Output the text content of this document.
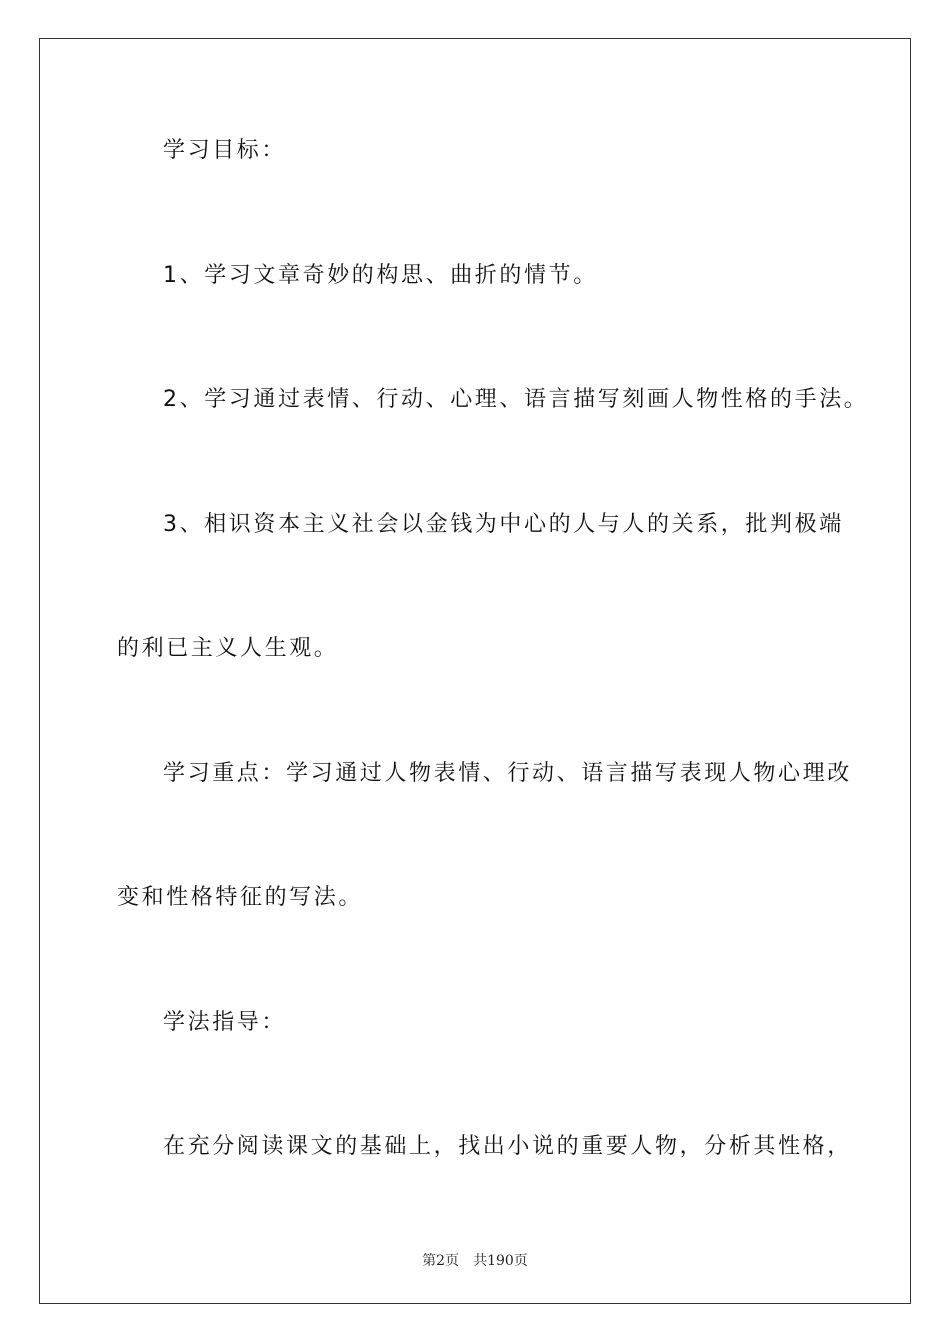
学习目标：

1、学习文章奇妙的构思、曲折的情节。

2、学习通过表情、行动、心理、语言描写刻画人物性格的手法。

3、相识资本主义社会以金钱为中心的人与人的关系，批判极端

的利已主义人生观。

学习重点：学习通过人物表情、行动、语言描写表现人物心理改

变和性格特征的写法。

学法指导：

在充分阅读课文的基础上，找出小说的重要人物，分析其性格，

第2页 共190页
